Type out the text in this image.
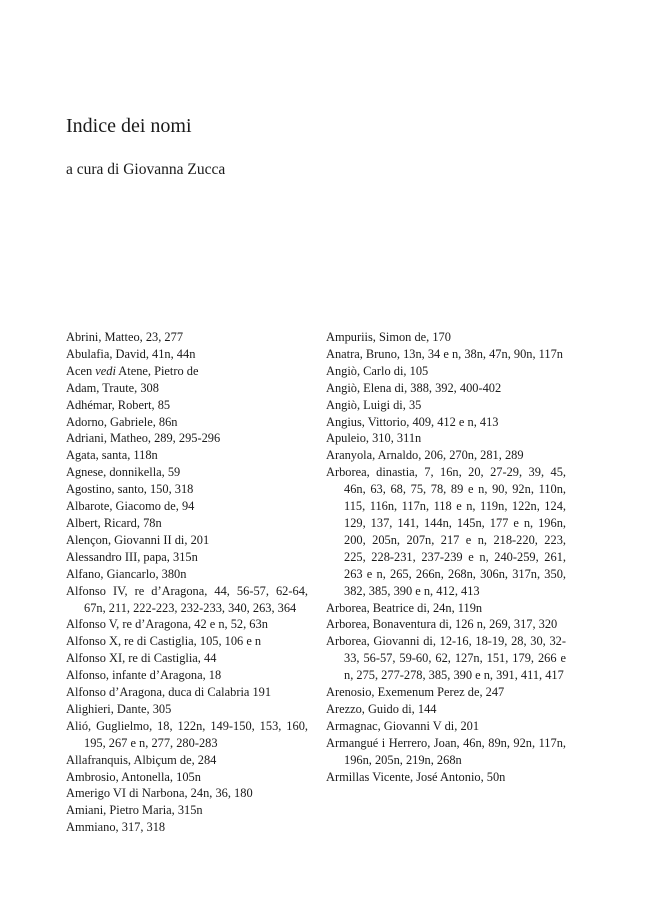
Indice dei nomi
a cura di Giovanna Zucca

Abrini, Matteo, 23, 277

Abulafia, David, 41n, 44n

Acen vedi Atene, Pietro de

Adam, Traute, 308

Adhémar, Robert, 85

Adorno, Gabriele, 86n

Adriani, Matheo, 289, 295-296

Agata, santa, 118n

Agnese, donnikella, 59

Agostino, santo, 150, 318

Albarote, Giacomo de, 94

Albert, Ricard, 78n

Alençon, Giovanni II di, 201

Alessandro III, papa, 315n

Alfano, Giancarlo, 380n

Alfonso IV, re d’Aragona, 44, 56-57, 62-64, 67n, 211, 222-223, 232-233, 340, 263, 364

Alfonso V, re d’Aragona, 42 e n, 52, 63n

Alfonso X, re di Castiglia, 105, 106 e n

Alfonso XI, re di Castiglia, 44

Alfonso, infante d’Aragona, 18

Alfonso d’Aragona, duca di Calabria 191

Alighieri, Dante, 305

Alió, Guglielmo, 18, 122n, 149-150, 153, 160, 195, 267 e n, 277, 280-283

Allafranquis, Albiçum de, 284

Ambrosio, Antonella, 105n

Amerigo VI di Narbona, 24n, 36, 180

Amiani, Pietro Maria, 315n

Ammiano, 317, 318

Ampuriis, Simon de, 170

Anatra, Bruno, 13n, 34 e n, 38n, 47n, 90n, 117n

Angiò, Carlo di, 105

Angiò, Elena di, 388, 392, 400-402

Angiò, Luigi di, 35

Angius, Vittorio, 409, 412 e n, 413

Apuleio, 310, 311n

Aranyola, Arnaldo, 206, 270n, 281, 289

Arborea, dinastia, 7, 16n, 20, 27-29, 39, 45, 46n, 63, 68, 75, 78, 89 e n, 90, 92n, 110n, 115, 116n, 117n, 118 e n, 119n, 122n, 124, 129, 137, 141, 144n, 145n, 177 e n, 196n, 200, 205n, 207n, 217 e n, 218-220, 223, 225, 228-231, 237-239 e n, 240-259, 261, 263 e n, 265, 266n, 268n, 306n, 317n, 350, 382, 385, 390 e n, 412, 413

Arborea, Beatrice di, 24n, 119n

Arborea, Bonaventura di, 126 n, 269, 317, 320

Arborea, Giovanni di, 12-16, 18-19, 28, 30, 32-33, 56-57, 59-60, 62, 127n, 151, 179, 266 e n, 275, 277-278, 385, 390 e n, 391, 411, 417

Arenosio, Exemenum Perez de, 247

Arezzo, Guido di, 144

Armagnac, Giovanni V di, 201

Armangué i Herrero, Joan, 46n, 89n, 92n, 117n, 196n, 205n, 219n, 268n

Armillas Vicente, José Antonio, 50n
